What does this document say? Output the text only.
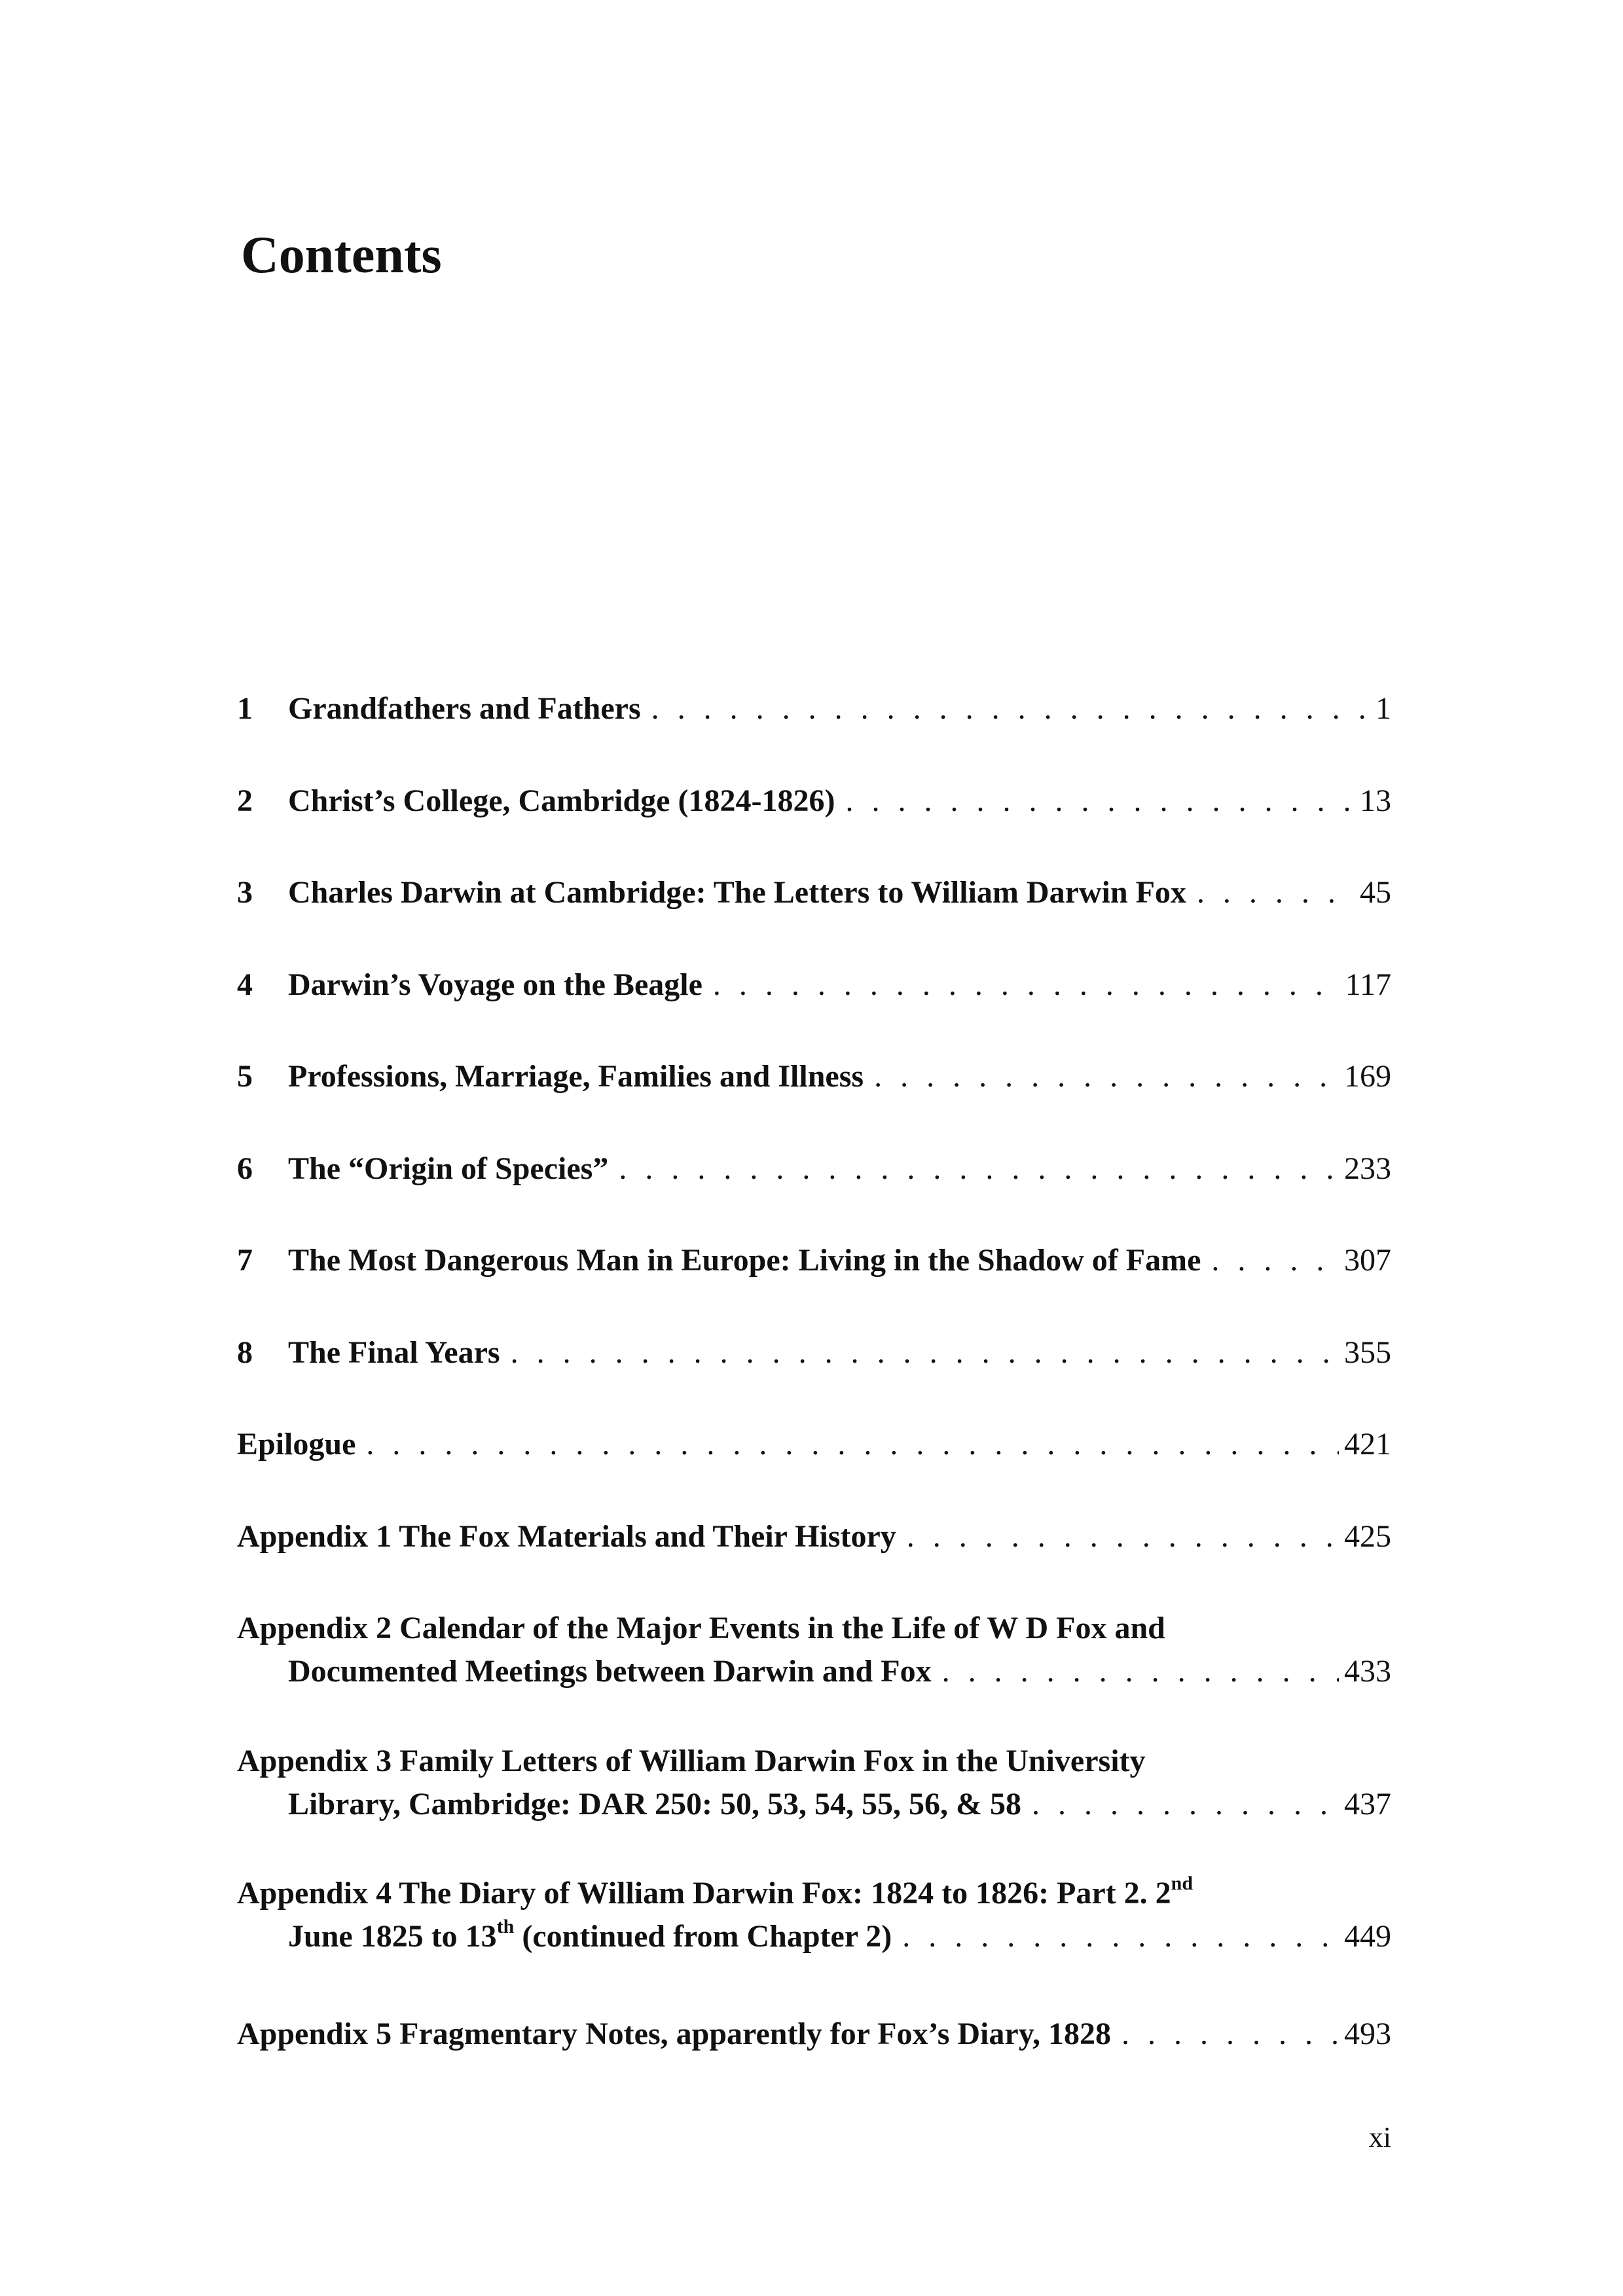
Contents
1	Grandfathers and Fathers . . .	1
2	Christ’s College, Cambridge (1824-1826) . . .	13
3	Charles Darwin at Cambridge: The Letters to William Darwin Fox . . .	45
4	Darwin’s Voyage on the Beagle . . .	117
5	Professions, Marriage, Families and Illness . . .	169
6	The “Origin of Species” . . .	233
7	The Most Dangerous Man in Europe: Living in the Shadow of Fame . . .	307
8	The Final Years . . .	355
Epilogue . . .	421
Appendix 1 The Fox Materials and Their History . . .	425
Appendix 2 Calendar of the Major Events in the Life of W D Fox and
Documented Meetings between Darwin and Fox . . .	433
Appendix 3 Family Letters of William Darwin Fox in the University
Library, Cambridge: DAR 250: 50, 53, 54, 55, 56, & 58 . . .	437
Appendix 4 The Diary of William Darwin Fox: 1824 to 1826: Part 2. 2nd
June 1825 to 13th (continued from Chapter 2) . . .	449
Appendix 5 Fragmentary Notes, apparently for Fox’s Diary, 1828 . . .	493
xi
